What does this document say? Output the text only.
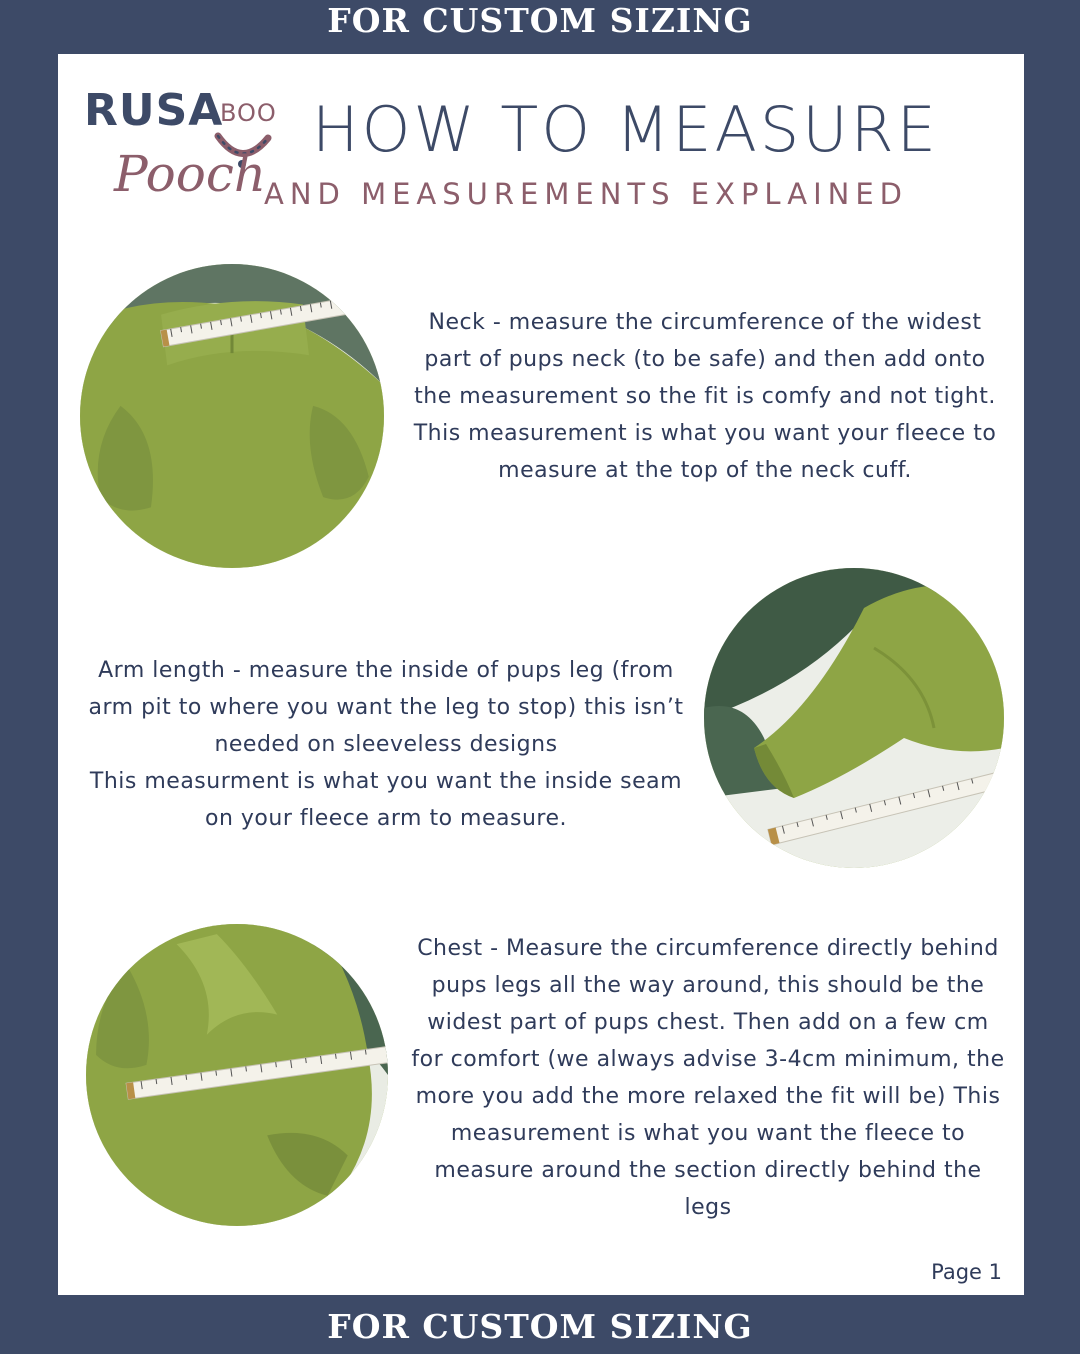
FOR CUSTOM SIZING
RUSA
BOO
Pooch
HOW TO MEASURE
AND MEASUREMENTS EXPLAINED

Neck - measure the circumference of the widest part of pups neck (to be safe) and then add onto the measurement so the fit is comfy and not tight. This measurement is what you want your fleece to measure at the top of the neck cuff.

Arm length - measure the inside of pups leg (from arm pit to where you want the leg to stop) this isn’t needed on sleeveless designs

This measurment is what you want the inside seam on your fleece arm to measure.

Chest - Measure the circumference directly behind pups legs all the way around, this should be the widest part of pups chest. Then add on a few cm for comfort (we always advise 3-4cm minimum, the more you add the more relaxed the fit will be) This measurement is what you want the fleece to measure around the section directly behind the legs

Page 1
FOR CUSTOM SIZING
